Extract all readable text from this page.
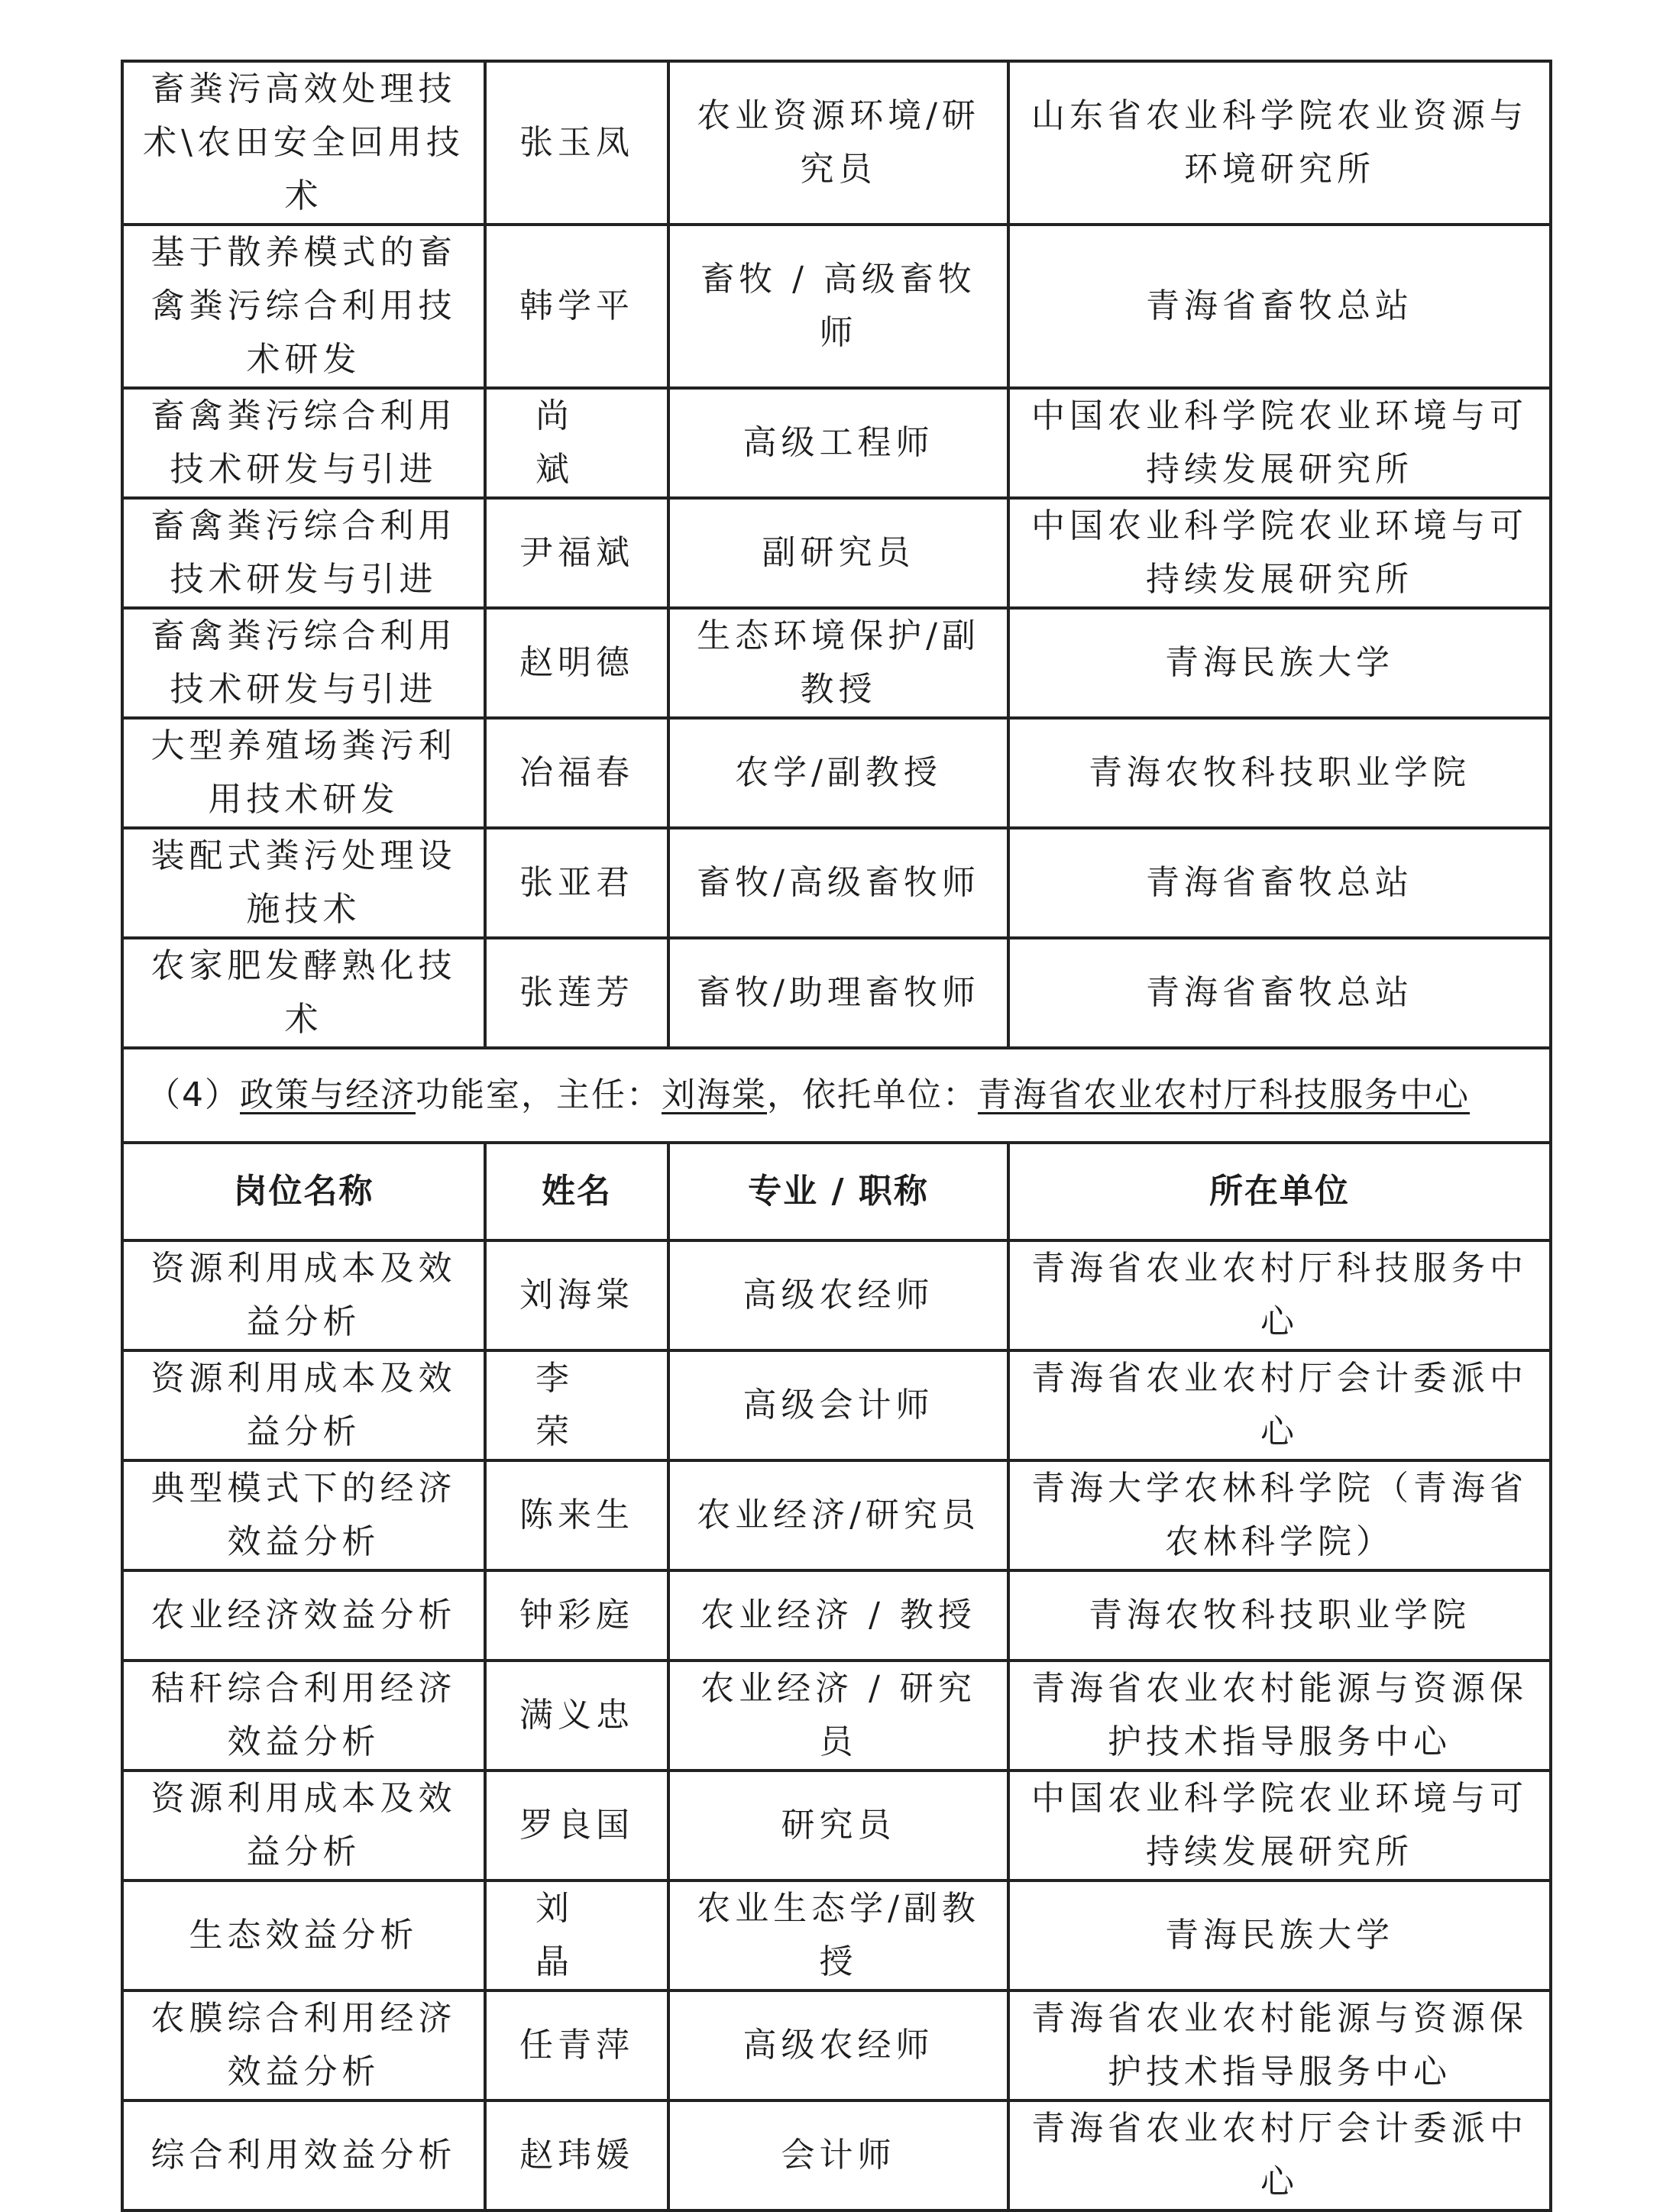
畜粪污高效处理技术\农田安全回用技术	张玉凤	农业资源环境/研究员	山东省农业科学院农业资源与环境研究所
基于散养模式的畜禽粪污综合利用技术研发	韩学平	畜牧 / 高级畜牧师	青海省畜牧总站
畜禽粪污综合利用技术研发与引进	尚 斌	高级工程师	中国农业科学院农业环境与可持续发展研究所
畜禽粪污综合利用技术研发与引进	尹福斌	副研究员	中国农业科学院农业环境与可持续发展研究所
畜禽粪污综合利用技术研发与引进	赵明德	生态环境保护/副教授	青海民族大学
大型养殖场粪污利用技术研发	冶福春	农学/副教授	青海农牧科技职业学院
装配式粪污处理设施技术	张亚君	畜牧/高级畜牧师	青海省畜牧总站
农家肥发酵熟化技术	张莲芳	畜牧/助理畜牧师	青海省畜牧总站
（4）政策与经济功能室，主任：刘海棠，依托单位：青海省农业农村厅科技服务中心			
岗位名称	姓名	专业 / 职称	所在单位
资源利用成本及效益分析	刘海棠	高级农经师	青海省农业农村厅科技服务中心
资源利用成本及效益分析	李 荣	高级会计师	青海省农业农村厅会计委派中心
典型模式下的经济效益分析	陈来生	农业经济/研究员	青海大学农林科学院（青海省农林科学院）
农业经济效益分析	钟彩庭	农业经济 / 教授	青海农牧科技职业学院
秸秆综合利用经济效益分析	满义忠	农业经济 / 研究员	青海省农业农村能源与资源保护技术指导服务中心
资源利用成本及效益分析	罗良国	研究员	中国农业科学院农业环境与可持续发展研究所
生态效益分析	刘 晶	农业生态学/副教授	青海民族大学
农膜综合利用经济效益分析	任青萍	高级农经师	青海省农业农村能源与资源保护技术指导服务中心
综合利用效益分析	赵玮媛	会计师	青海省农业农村厅会计委派中心
